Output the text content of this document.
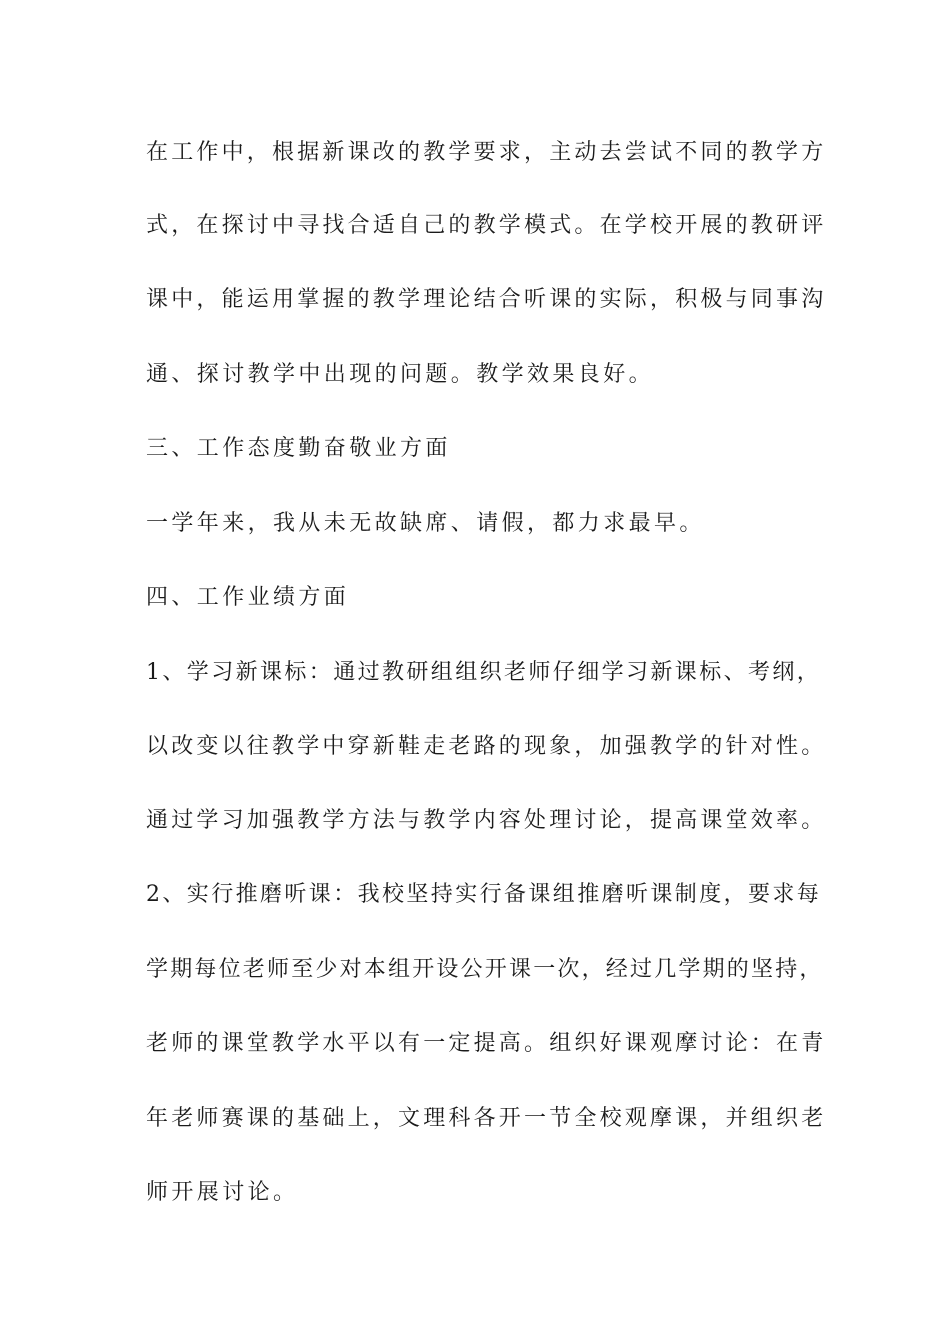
在工作中，根据新课改的教学要求，主动去尝试不同的教学方
式，在探讨中寻找合适自己的教学模式。在学校开展的教研评
课中，能运用掌握的教学理论结合听课的实际，积极与同事沟
通、探讨教学中出现的问题。教学效果良好。
三、工作态度勤奋敬业方面
一学年来，我从未无故缺席、请假，都力求最早。
四、工作业绩方面
1、学习新课标：通过教研组组织老师仔细学习新课标、考纲，
以改变以往教学中穿新鞋走老路的现象，加强教学的针对性。
通过学习加强教学方法与教学内容处理讨论，提高课堂效率。
2、实行推磨听课：我校坚持实行备课组推磨听课制度，要求每
学期每位老师至少对本组开设公开课一次，经过几学期的坚持，
老师的课堂教学水平以有一定提高。组织好课观摩讨论：在青
年老师赛课的基础上，文理科各开一节全校观摩课，并组织老
师开展讨论。
